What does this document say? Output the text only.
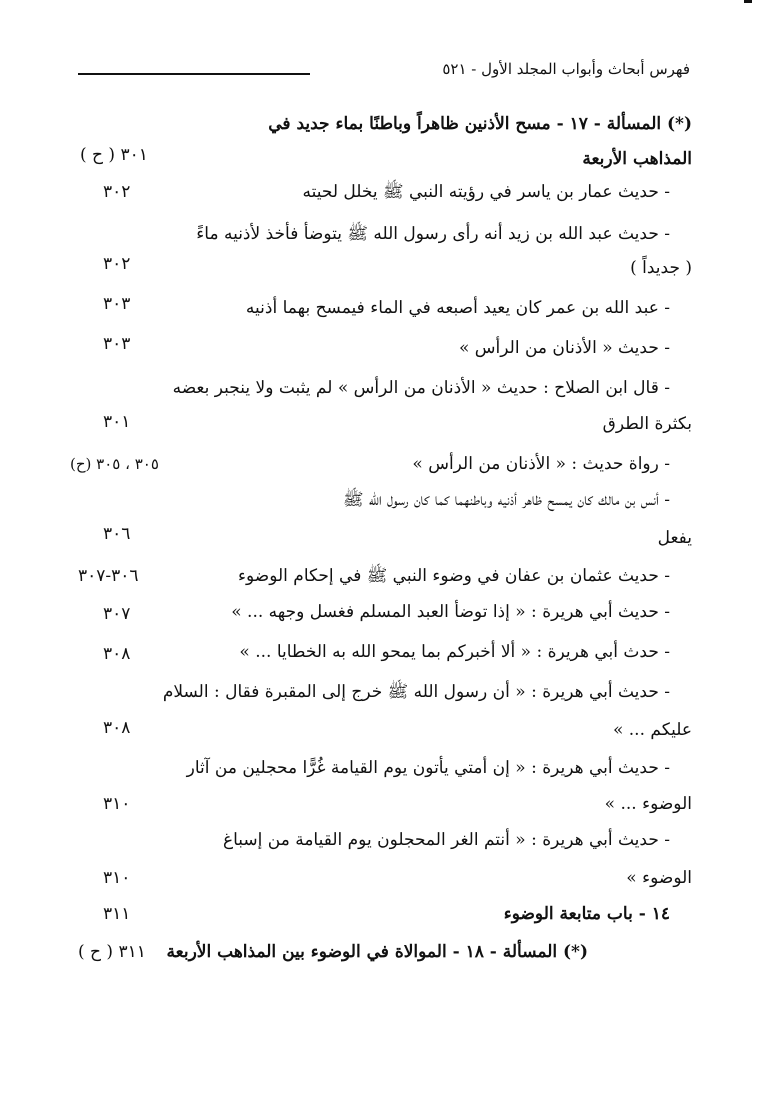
فهرس أبحاث وأبواب المجلد الأول - ٥٢١
(*) المسألة - ١٧ - مسح الأذنين ظاهراً وباطنًا بماء جديد في
المذاهب الأربعة
٣٠١ ( ح )
- حديث عمار بن ياسر في رؤيته النبي ﷺ يخلل لحيته
٣٠٢
- حديث عبد الله بن زيد أنه رأى رسول الله ﷺ يتوضأ فأخذ لأذنيه ماءً
( جديداً )
٣٠٢
- عبد الله بن عمر كان يعيد أصبعه في الماء فيمسح بهما أذنيه
٣٠٣
- حديث « الأذنان من الرأس »
٣٠٣
- قال ابن الصلاح : حديث « الأذنان من الرأس » لم يثبت ولا ينجبر بعضه
بكثرة الطرق
٣٠١
- رواة حديث : « الأذنان من الرأس »
٣٠٥ ، ٣٠٥ (ح)
- أنس بن مالك كان يمسح ظاهر أذنيه وباطنهما كما كان رسول الله ﷺ
يفعل
٣٠٦
- حديث عثمان بن عفان في وضوء النبي ﷺ في إحكام الوضوء
٣٠٦-٣٠٧
- حديث أبي هريرة : « إذا توضأ العبد المسلم فغسل وجهه ... »
٣٠٧
- حدث أبي هريرة : « ألا أخبركم بما يمحو الله به الخطايا ... »
٣٠٨
- حديث أبي هريرة : « أن رسول الله ﷺ خرج إلى المقبرة فقال : السلام
عليكم ... »
٣٠٨
- حديث أبي هريرة : « إن أمتي يأتون يوم القيامة غُرًّا محجلين من آثار
الوضوء ... »
٣١٠
- حديث أبي هريرة : « أنتم الغر المحجلون يوم القيامة من إسباغ
الوضوء »
٣١٠
١٤ - باب متابعة الوضوء
٣١١
(*) المسألة - ١٨ - الموالاة في الوضوء بين المذاهب الأربعة
٣١١ ( ح )
